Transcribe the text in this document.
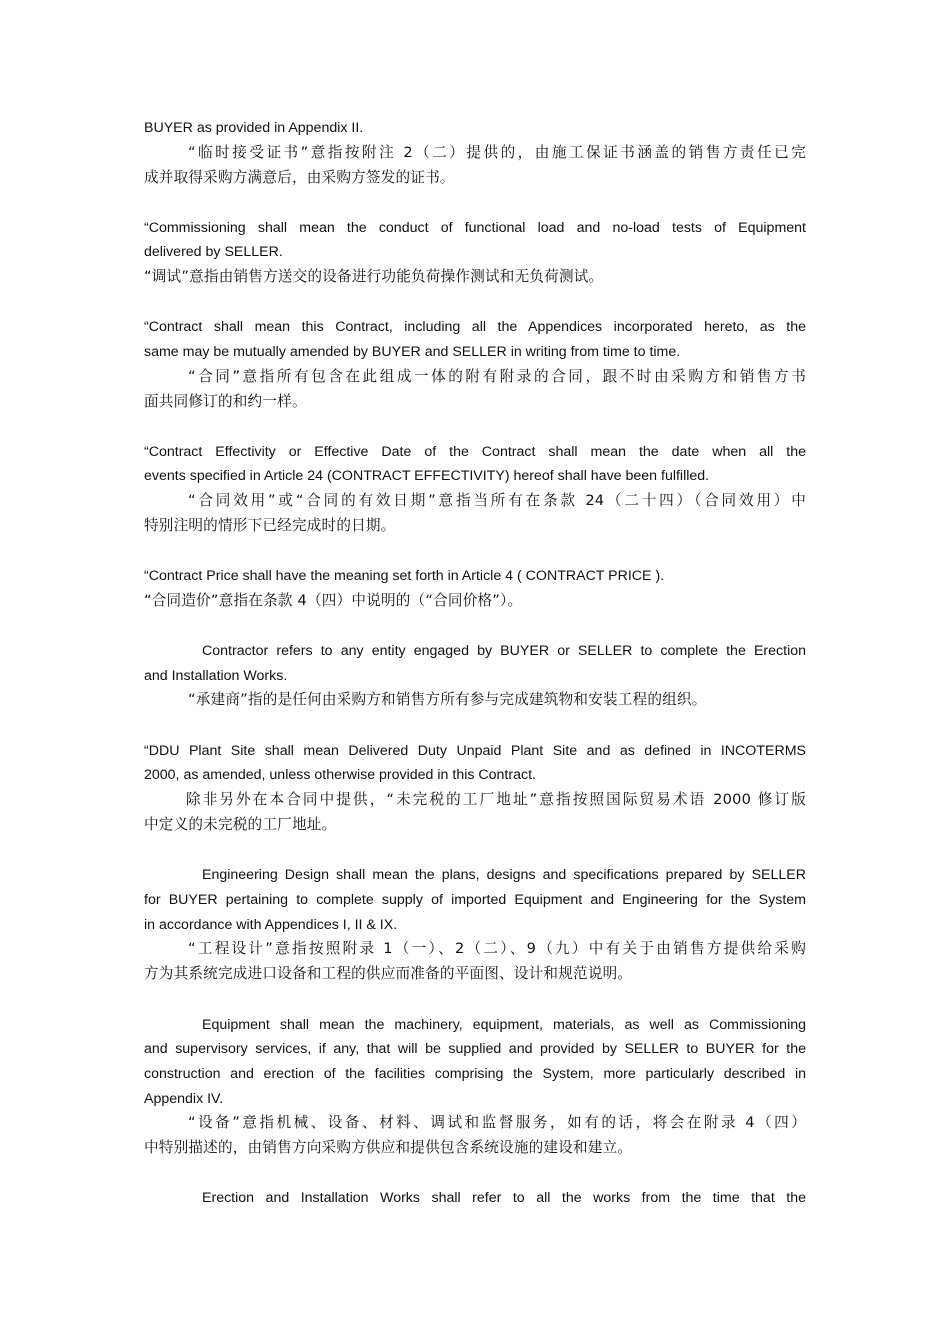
BUYER as provided in Appendix II.
“临时接受证书”意指按附注 2（二）提供的，由施工保证书涵盖的销售方责任已完
成并取得采购方满意后，由采购方签发的证书。
“Commissioning shall mean the conduct of functional load and no-load tests of Equipment
delivered by SELLER.
“调试”意指由销售方送交的设备进行功能负荷操作测试和无负荷测试。
“Contract shall mean this Contract, including all the Appendices incorporated hereto, as the
same may be mutually amended by BUYER and SELLER in writing from time to time.
“合同”意指所有包含在此组成一体的附有附录的合同，跟不时由采购方和销售方书
面共同修订的和约一样。
“Contract Effectivity or Effective Date of the Contract shall mean the date when all the
events specified in Article 24 (CONTRACT EFFECTIVITY) hereof shall have been fulfilled.
“合同效用”或“合同的有效日期”意指当所有在条款 24（二十四）（合同效用）中
特别注明的情形下已经完成时的日期。
“Contract Price shall have the meaning set forth in Article 4 ( CONTRACT PRICE ).
“合同造价”意指在条款 4（四）中说明的（“合同价格”）。
Contractor refers to any entity engaged by BUYER or SELLER to complete the Erection
and Installation Works.
“承建商”指的是任何由采购方和销售方所有参与完成建筑物和安装工程的组织。
“DDU Plant Site shall mean Delivered Duty Unpaid Plant Site and as defined in INCOTERMS
2000, as amended, unless otherwise provided in this Contract.
除非另外在本合同中提供，“未完税的工厂地址”意指按照国际贸易术语 2000 修订版
中定义的未完税的工厂地址。
Engineering Design shall mean the plans, designs and specifications prepared by SELLER
for BUYER pertaining to complete supply of imported Equipment and Engineering for the System
in accordance with Appendices I, II & IX.
“工程设计”意指按照附录 1（一）、2（二）、9（九）中有关于由销售方提供给采购
方为其系统完成进口设备和工程的供应而准备的平面图、设计和规范说明。
Equipment shall mean the machinery, equipment, materials, as well as Commissioning
and supervisory services, if any, that will be supplied and provided by SELLER to BUYER for the
construction and erection of the facilities comprising the System, more particularly described in
Appendix IV.
“设备”意指机械、设备、材料、调试和监督服务，如有的话，将会在附录 4（四）
中特别描述的，由销售方向采购方供应和提供包含系统设施的建设和建立。
Erection and Installation Works shall refer to all the works from the time that the
